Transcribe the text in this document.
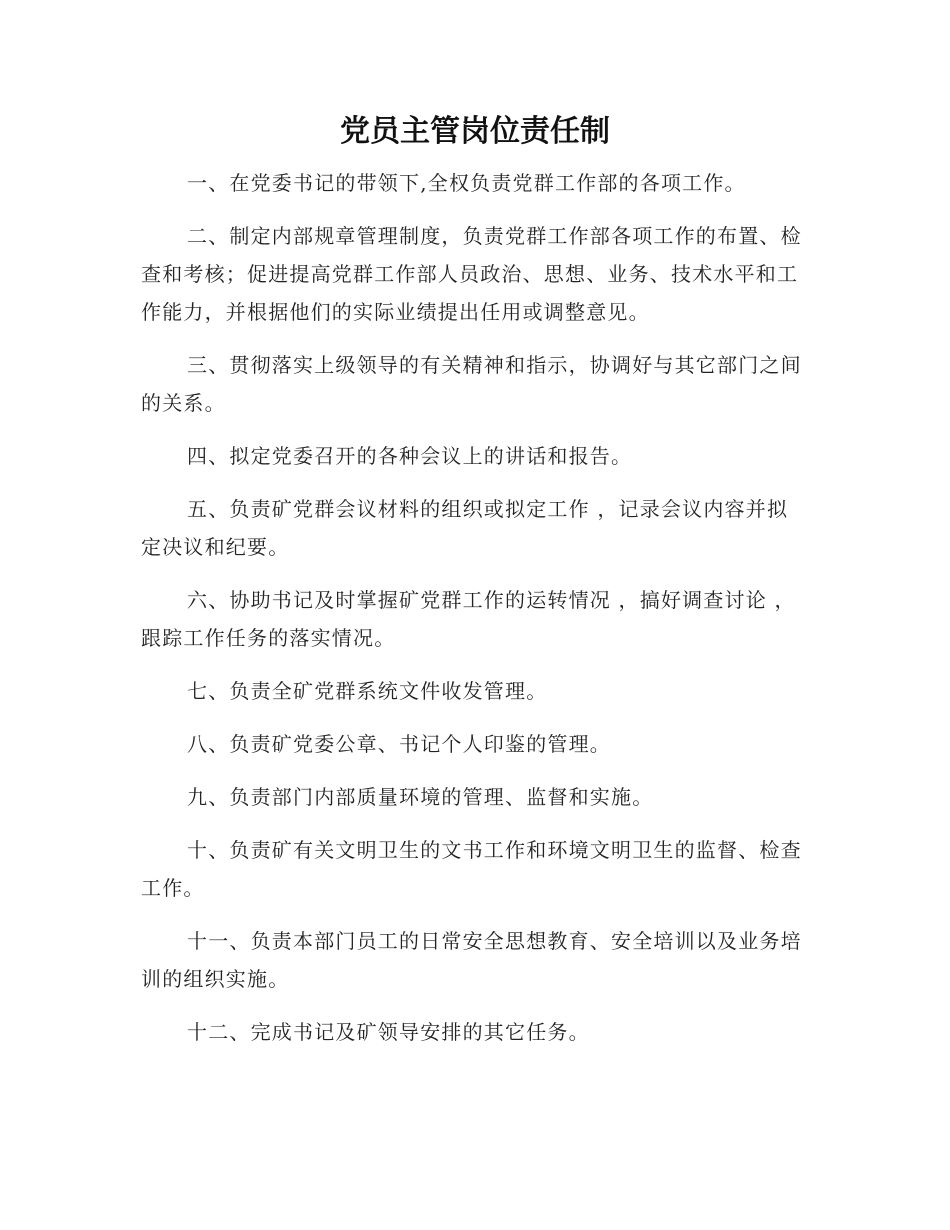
党员主管岗位责任制

一、在党委书记的带领下,全权负责党群工作部的各项工作。

二、制定内部规章管理制度，负责党群工作部各项工作的布置、检查和考核；促进提高党群工作部人员政治、思想、业务、技术水平和工作能力，并根据他们的实际业绩提出任用或调整意见。

三、贯彻落实上级领导的有关精神和指示，协调好与其它部门之间的关系。

四、拟定党委召开的各种会议上的讲话和报告。

五、负责矿党群会议材料的组织或拟定工作 ，记录会议内容并拟定决议和纪要。

六、协助书记及时掌握矿党群工作的运转情况 ，搞好调查讨论 ，跟踪工作任务的落实情况。

七、负责全矿党群系统文件收发管理。

八、负责矿党委公章、书记个人印鉴的管理。

九、负责部门内部质量环境的管理、监督和实施。

十、负责矿有关文明卫生的文书工作和环境文明卫生的监督、检查工作。

十一、负责本部门员工的日常安全思想教育、安全培训以及业务培训的组织实施。

十二、完成书记及矿领导安排的其它任务。
